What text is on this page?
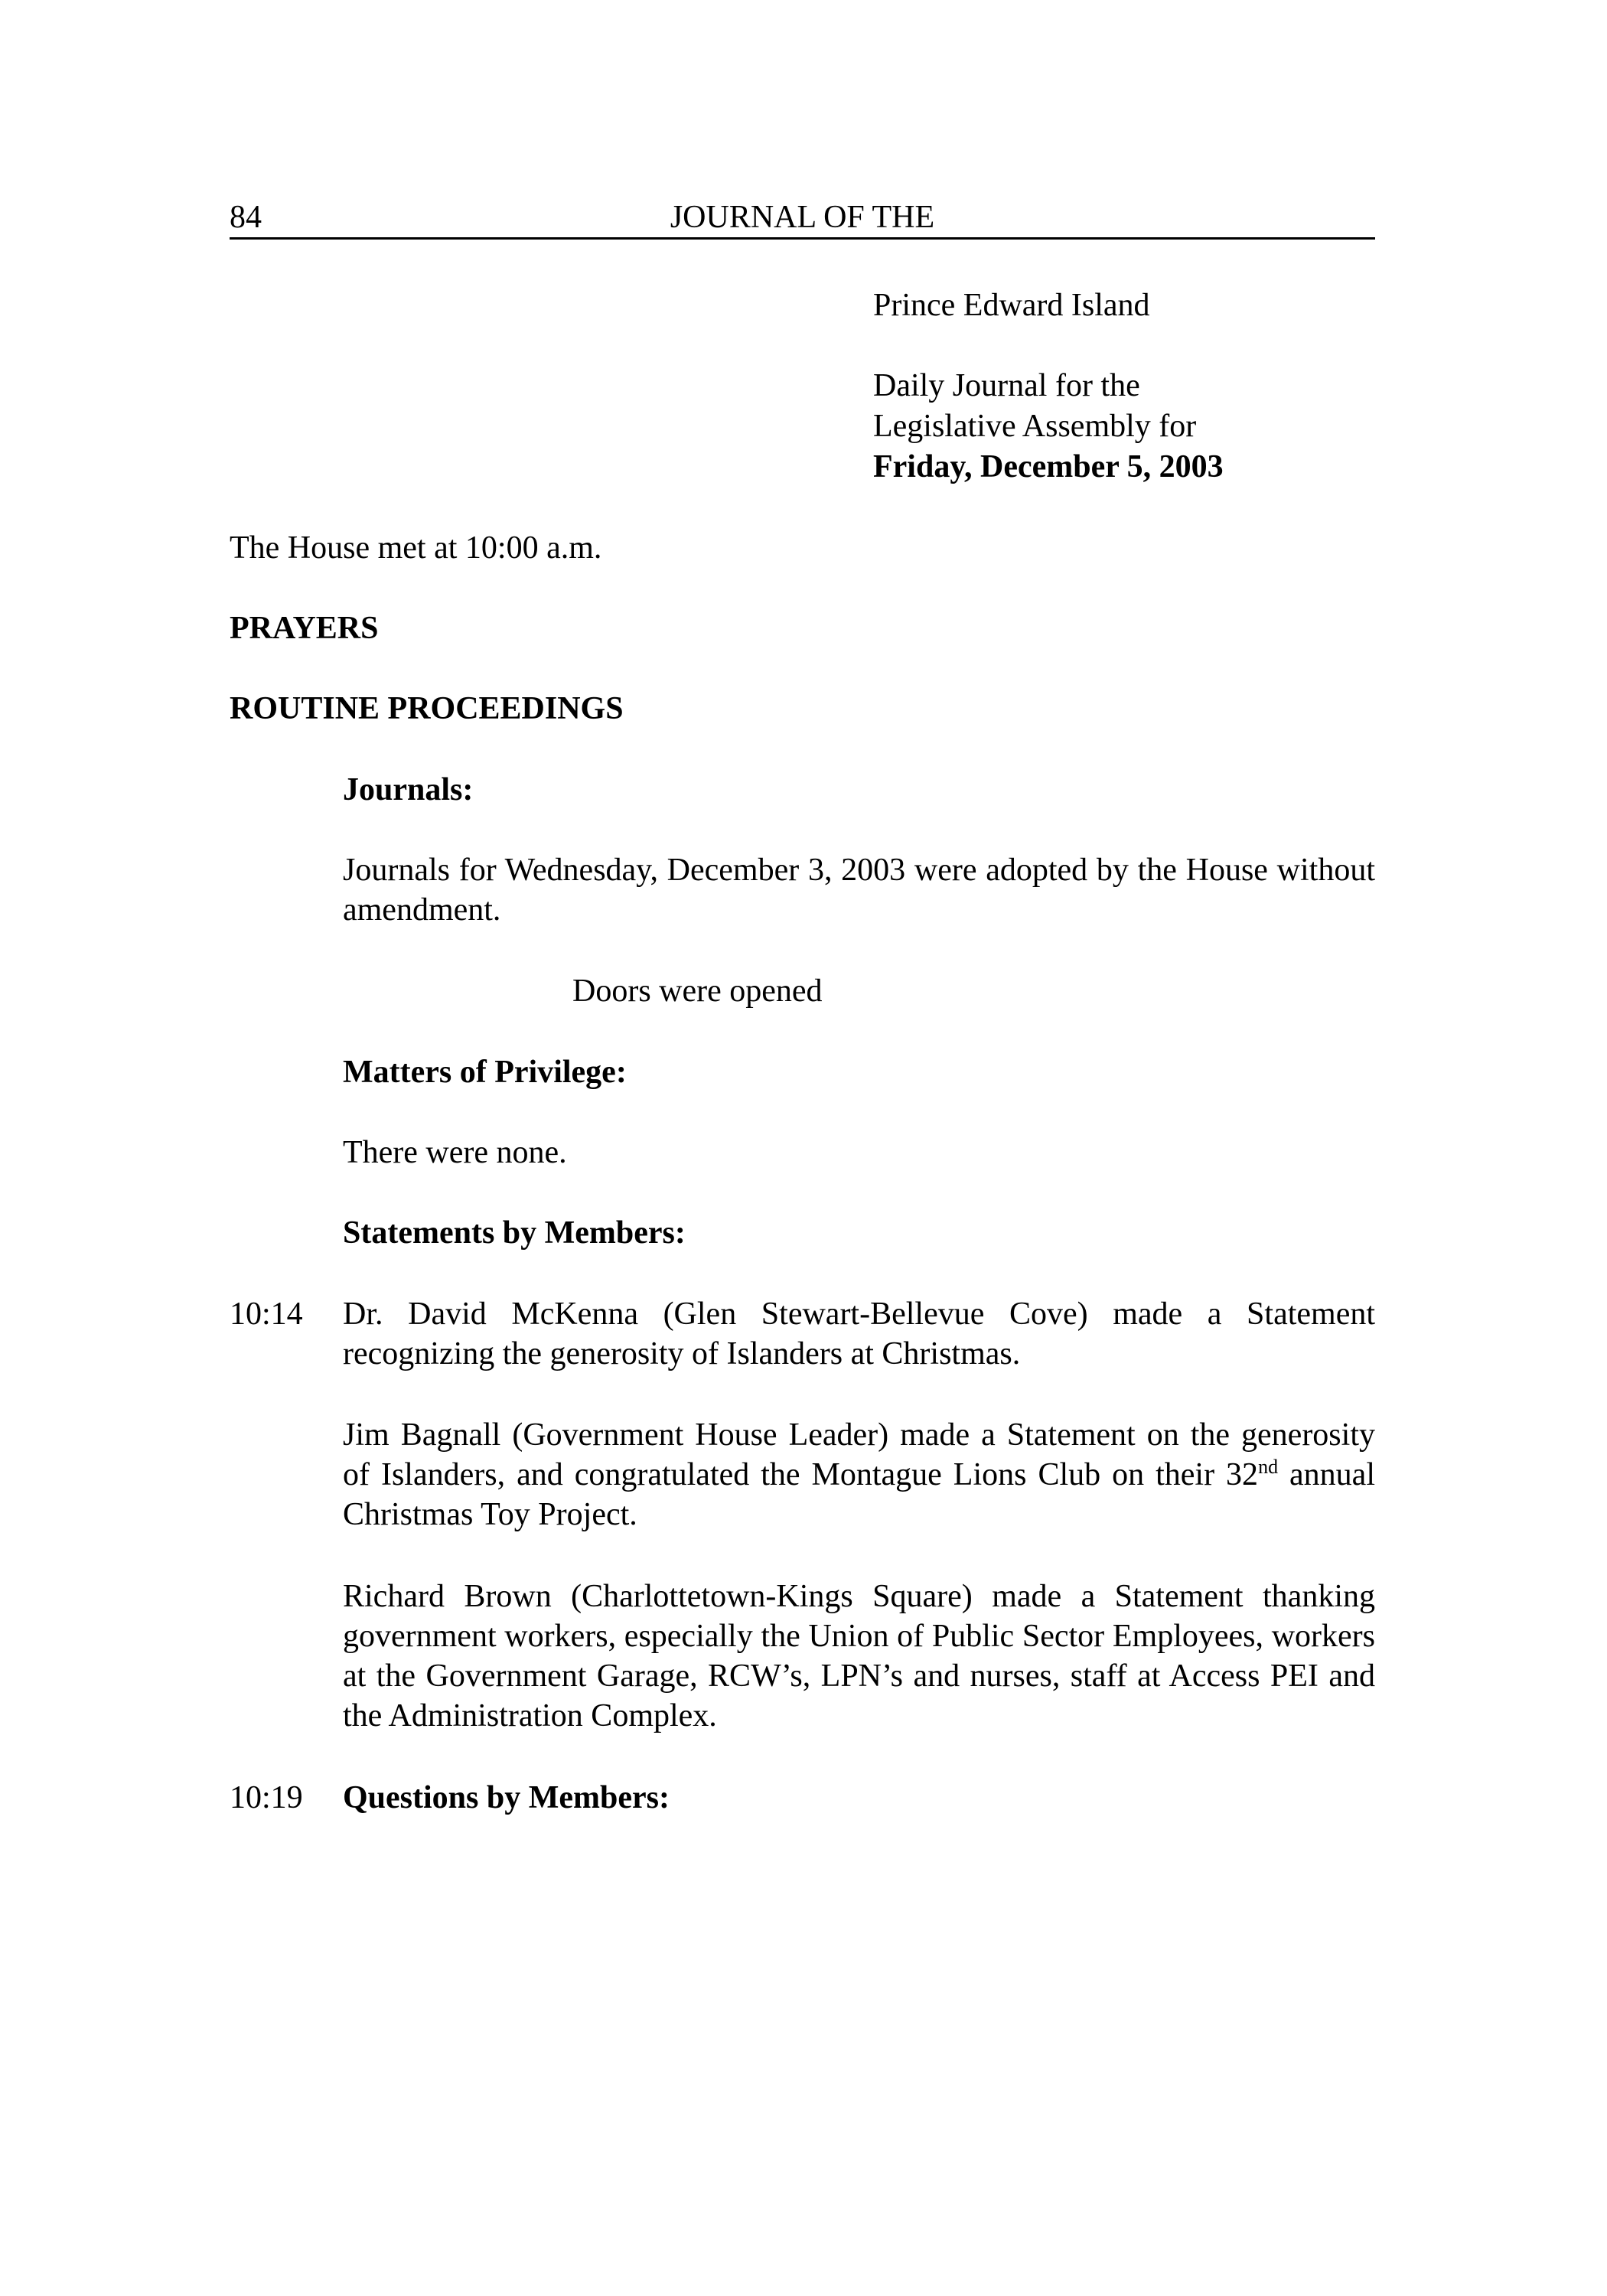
84	JOURNAL OF THE

Prince Edward Island

Daily Journal for the

Legislative Assembly for

Friday, December 5, 2003

The House met at 10:00 a.m.

PRAYERS

ROUTINE PROCEEDINGS

Journals:

Journals for Wednesday, December 3, 2003 were adopted by the House without amendment.

Doors were opened

Matters of Privilege:

There were none.

Statements by Members:

10:14 Dr. David McKenna (Glen Stewart-Bellevue Cove) made a Statement recognizing the generosity of Islanders at Christmas.

Jim Bagnall (Government House Leader) made a Statement on the generosity of Islanders, and congratulated the Montague Lions Club on their 32nd annual Christmas Toy Project.

Richard Brown (Charlottetown-Kings Square) made a Statement thanking government workers, especially the Union of Public Sector Employees, workers at the Government Garage, RCW’s, LPN’s and nurses, staff at Access PEI and the Administration Complex.

10:19 Questions by Members:
